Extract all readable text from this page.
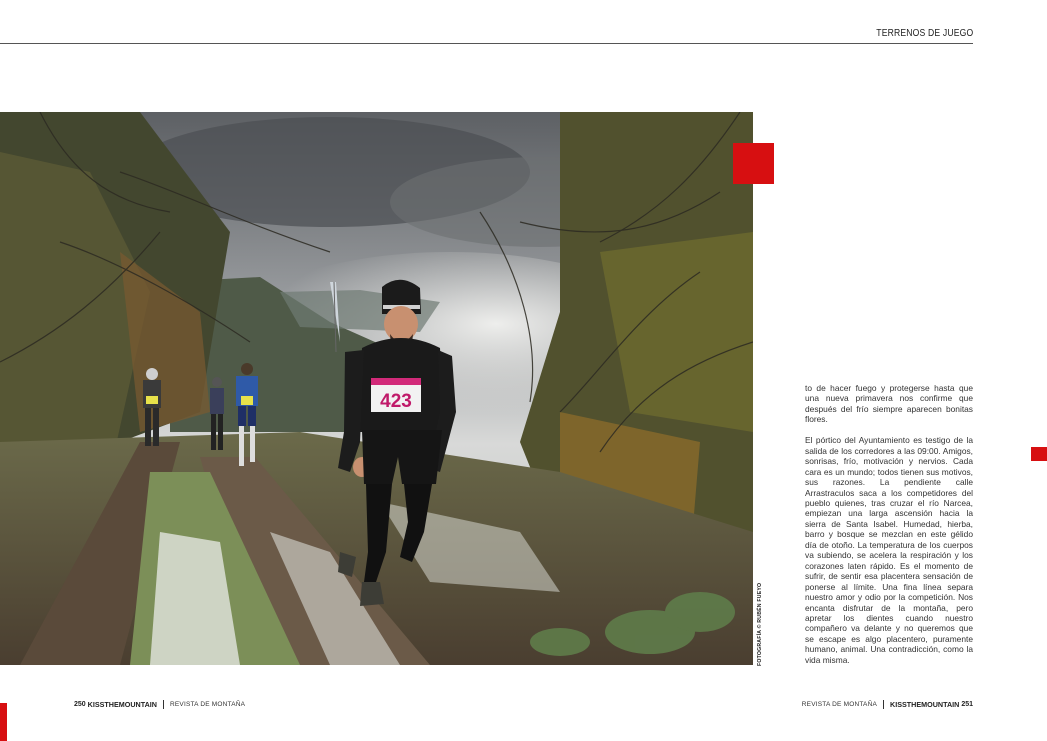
TERRENOS DE JUEGO
423
FOTOGRAFÍA © RUBÉN FUEYO

to de hacer fuego y protegerse hasta que una nueva primavera nos confirme que después del frío siempre aparecen bonitas flores.

El pórtico del Ayuntamiento es testigo de la salida de los corredores a las 09:00. Amigos, sonrisas, frío, motivación y nervios. Cada cara es un mundo; todos tienen sus motivos, sus razones. La pendiente calle Arrastraculos saca a los competidores del pueblo quienes, tras cruzar el río Narcea, empiezan una larga ascensión hacia la sierra de Santa Isabel. Humedad, hierba, barro y bosque se mezclan en este gélido día de otoño. La temperatura de los cuerpos va subiendo, se acelera la respiración y los corazones laten rápido. Es el momento de sufrir, de sentir esa placentera sensación de ponerse al límite. Una fina línea separa nuestro amor y odio por la competición. Nos encanta disfrutar de la montaña, pero apretar los dientes cuando nuestro compañero va delante y no queremos que se escape es algo placentero, puramente humano, animal. Una contradicción, como la vida misma.

250
KISSTHEMOUNTAIN REVISTA DE MONTAÑA	REVISTA DE MONTAÑA KISSTHEMOUNTAIN
251
